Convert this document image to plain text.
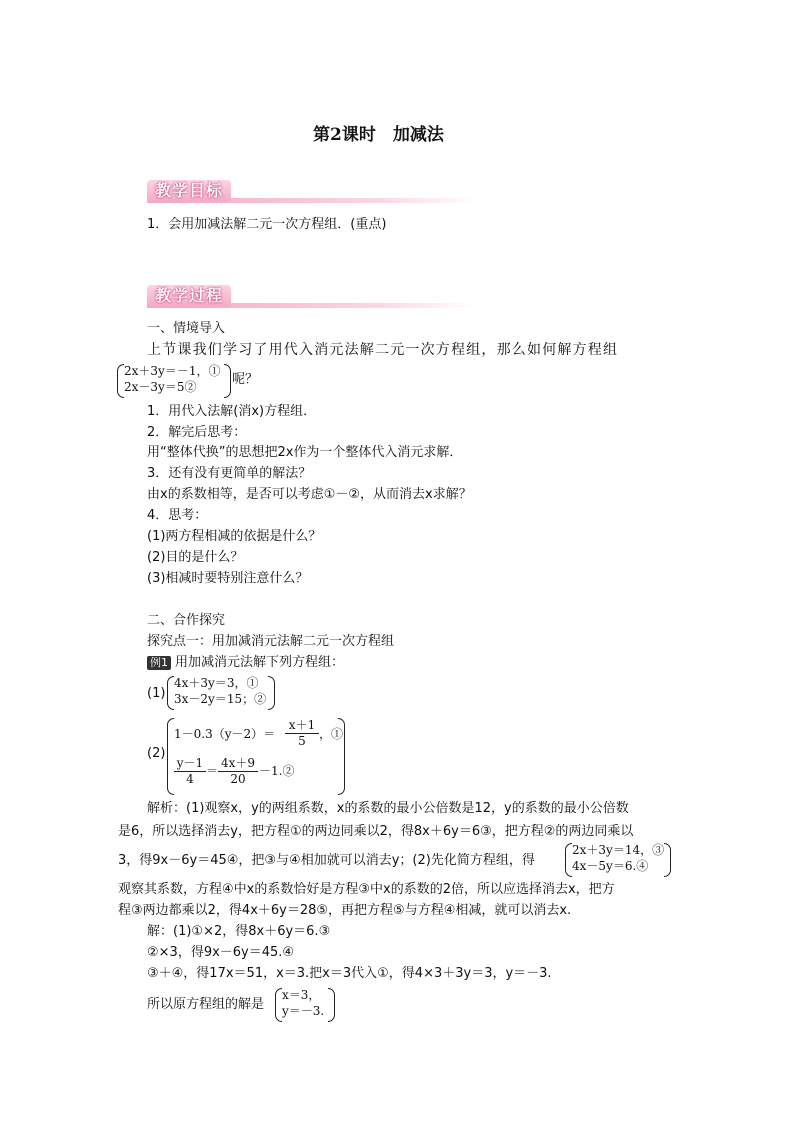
第2课时　加减法
教学目标
1．会用加减法解二元一次方程组．(重点)
教学过程
一、情境导入
上节课我们学习了用代入消元法解二元一次方程组，那么如何解方程组
2x＋3y＝－1，①
2x－3y＝5②	呢？
1．用代入法解(消x)方程组．
2．解完后思考：
用“整体代换”的思想把2x作为一个整体代入消元求解．
3．还有没有更简单的解法？
由x的系数相等，是否可以考虑①－②，从而消去x求解？
4．思考：
(1)两方程相减的依据是什么？
(2)目的是什么？
(3)相减时要特别注意什么？
二、合作探究
探究点一：用加减消元法解二元一次方程组
例1 用加减消元法解下列方程组：
(1)
4x＋3y＝3，①
3x－2y＝15；②
(2)
$1-0.3(y-2)= \frac{x+1}{5}$ ，①
$\frac{y-1}{4} = \frac{4x+9}{20}$ －1.②
解析：(1)观察x，y的两组系数，x的系数的最小公倍数是12，y的系数的最小公倍数
是6，所以选择消去y，把方程①的两边同乘以2，得8x＋6y＝6③，把方程②的两边同乘以
3，得9x－6y＝45④，把③与④相加就可以消去y；(2)先化简方程组，得
2x＋3y＝14，③
4x－5y＝6.④
观察其系数，方程④中x的系数恰好是方程③中x的系数的2倍，所以应选择消去x，把方
程③两边都乘以2，得4x＋6y＝28⑤，再把方程⑤与方程④相减，就可以消去x.
解：(1)①×2，得8x＋6y＝6.③
②×3，得9x－6y＝45.④
③＋④，得17x＝51，x＝3.把x＝3代入①，得4×3＋3y＝3，y＝－3.
所以原方程组的解是
x＝3，
y＝－3.
